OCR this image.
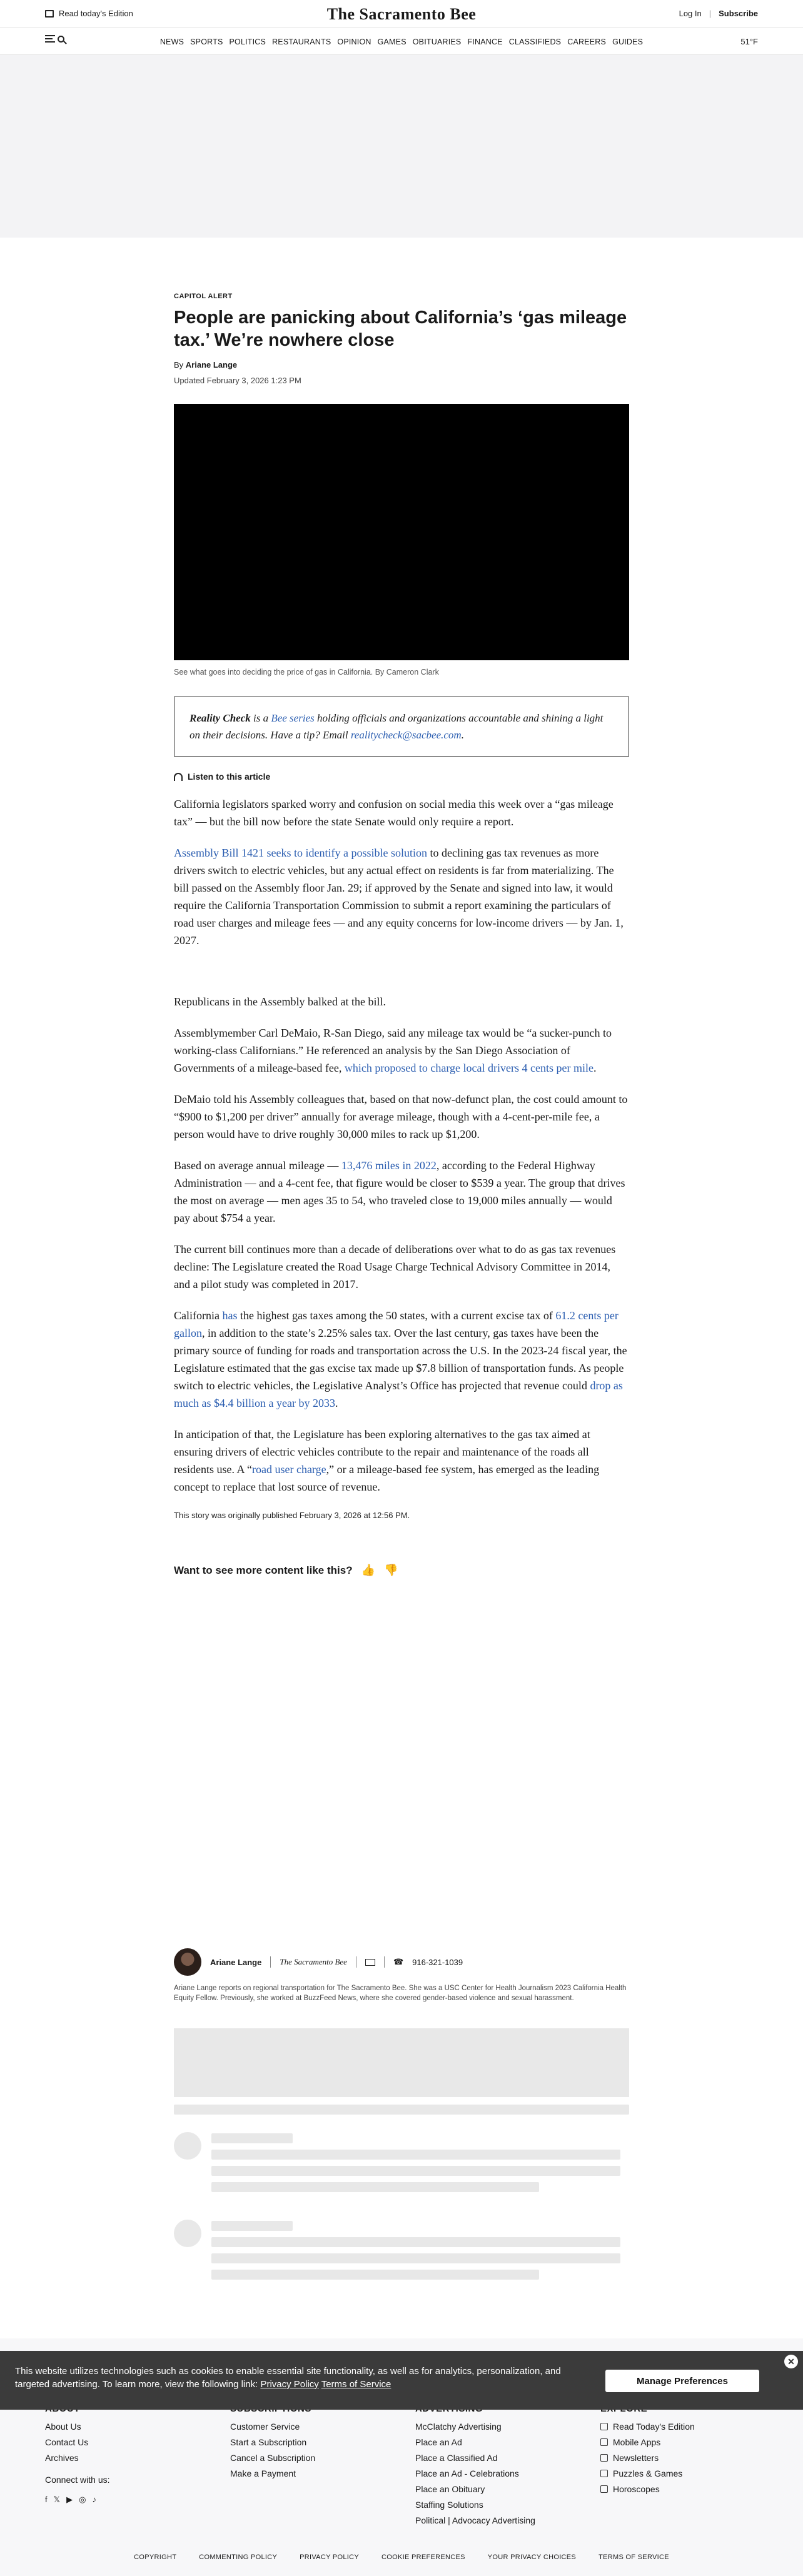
Read today's Edition	The Sacramento Bee	Log In | Subscribe
NEWS SPORTS POLITICS RESTAURANTS OPINION GAMES OBITUARIES FINANCE CLASSIFIEDS CAREERS GUIDES	51°F
CAPITOL ALERT
People are panicking about California’s ‘gas mileage tax.’ We’re nowhere close
By Ariane Lange
Updated February 3, 2026 1:23 PM
See what goes into deciding the price of gas in California. By Cameron Clark
Reality Check is a Bee series holding officials and organizations accountable and shining a light on their decisions. Have a tip? Email realitycheck@sacbee.com.
Listen to this article

California legislators sparked worry and confusion on social media this week over a “gas mileage tax” — but the bill now before the state Senate would only require a report.

Assembly Bill 1421 seeks to identify a possible solution to declining gas tax revenues as more drivers switch to electric vehicles, but any actual effect on residents is far from materializing. The bill passed on the Assembly floor Jan. 29; if approved by the Senate and signed into law, it would require the California Transportation Commission to submit a report examining the particulars of road user charges and mileage fees — and any equity concerns for low-income drivers — by Jan. 1, 2027.

Republicans in the Assembly balked at the bill.

Assemblymember Carl DeMaio, R-San Diego, said any mileage tax would be “a sucker-punch to working-class Californians.” He referenced an analysis by the San Diego Association of Governments of a mileage-based fee, which proposed to charge local drivers 4 cents per mile.

DeMaio told his Assembly colleagues that, based on that now-defunct plan, the cost could amount to “$900 to $1,200 per driver” annually for average mileage, though with a 4-cent-per-mile fee, a person would have to drive roughly 30,000 miles to rack up $1,200.

Based on average annual mileage — 13,476 miles in 2022, according to the Federal Highway Administration — and a 4-cent fee, that figure would be closer to $539 a year. The group that drives the most on average — men ages 35 to 54, who traveled close to 19,000 miles annually — would pay about $754 a year.

The current bill continues more than a decade of deliberations over what to do as gas tax revenues decline: The Legislature created the Road Usage Charge Technical Advisory Committee in 2014, and a pilot study was completed in 2017.

California has the highest gas taxes among the 50 states, with a current excise tax of 61.2 cents per gallon, in addition to the state’s 2.25% sales tax. Over the last century, gas taxes have been the primary source of funding for roads and transportation across the U.S. In the 2023-24 fiscal year, the Legislature estimated that the gas excise tax made up $7.8 billion of transportation funds. As people switch to electric vehicles, the Legislative Analyst’s Office has projected that revenue could drop as much as $4.4 billion a year by 2033.

In anticipation of that, the Legislature has been exploring alternatives to the gas tax aimed at ensuring drivers of electric vehicles contribute to the repair and maintenance of the roads all residents use. A “road user charge,” or a mileage-based fee system, has emerged as the leading concept to replace that lost source of revenue.

This story was originally published February 3, 2026 at 12:56 PM.
Want to see more content like this? 👍 👎
Ariane Lange The Sacramento Bee	☎ 916-321-1039
Ariane Lange reports on regional transportation for The Sacramento Bee. She was a USC Center for Health Journalism 2023 California Health Equity Fellow. Previously, she worked at BuzzFeed News, where she covered gender-based violence and sexual harassment.
About Us
Contact Us
Archives
Connect with us:
f 𝕏 ▶ ◎ ♪
Customer Service
Start a Subscription
Cancel a Subscription
Make a Payment
McClatchy Advertising
Place an Ad
Place a Classified Ad
Place an Ad - Celebrations
Place an Obituary
Staffing Solutions
Political | Advocacy Advertising
Read Today's Edition
Mobile Apps
Newsletters
Puzzles & Games
Horoscopes
COPYRIGHT	COMMENTING POLICY	PRIVACY POLICY	COOKIE PREFERENCES	YOUR PRIVACY CHOICES	TERMS OF SERVICE

This website utilizes technologies such as cookies to enable essential site functionality, as well as for analytics, personalization, and targeted advertising. To learn more, view the following link: Privacy Policy Terms of Service	Manage Preferences
✕
